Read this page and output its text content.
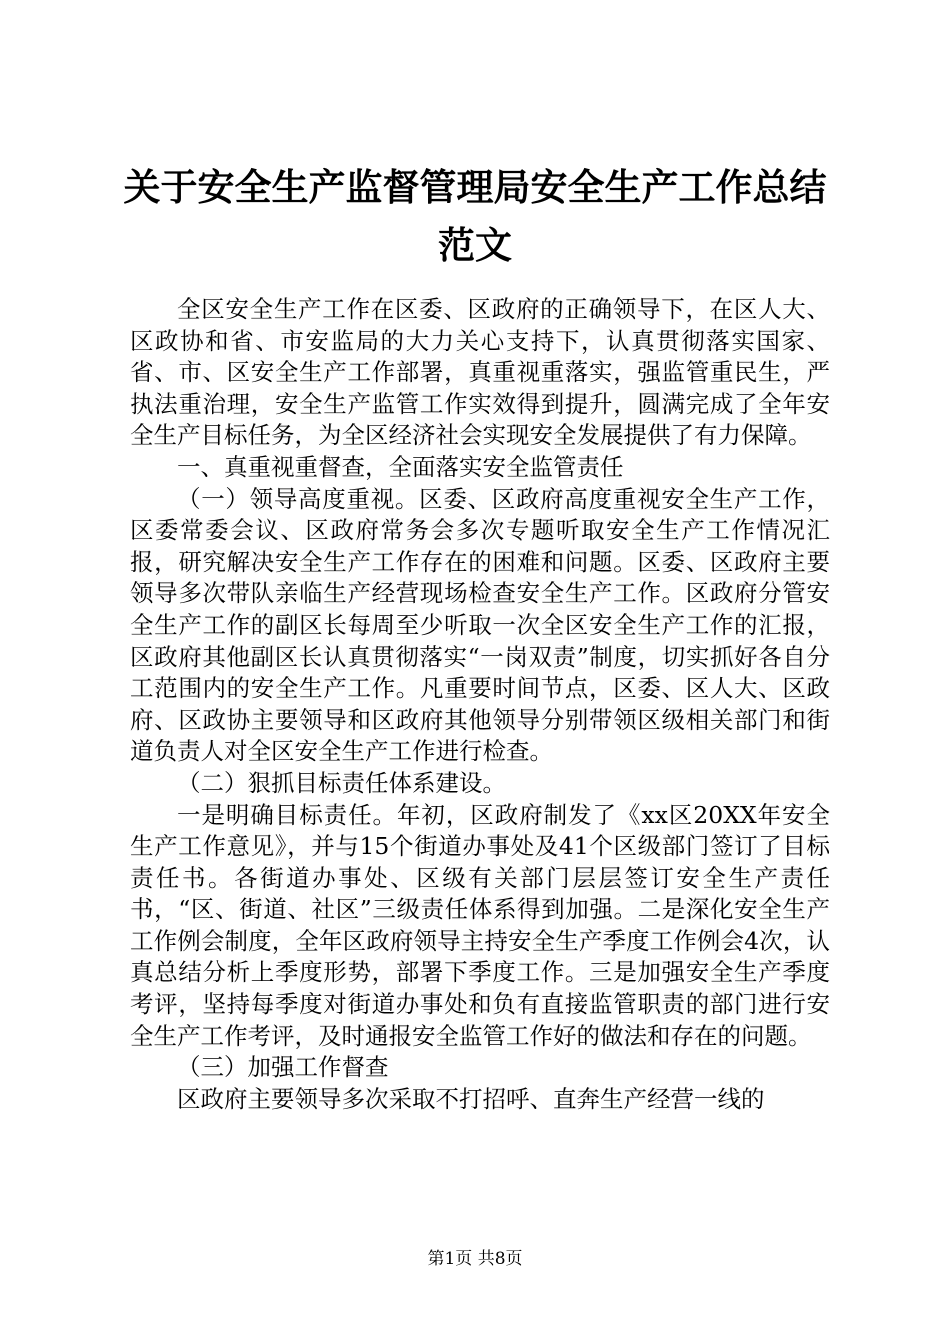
关于安全生产监督管理局安全生产工作总结范文

全区安全生产工作在区委、区政府的正确领导下，在区人大、区政协和省、市安监局的大力关心支持下，认真贯彻落实国家、省、市、区安全生产工作部署，真重视重落实，强监管重民生，严执法重治理，安全生产监管工作实效得到提升，圆满完成了全年安全生产目标任务，为全区经济社会实现安全发展提供了有力保障。

一、真重视重督查，全面落实安全监管责任

（一）领导高度重视。区委、区政府高度重视安全生产工作，区委常委会议、区政府常务会多次专题听取安全生产工作情况汇报，研究解决安全生产工作存在的困难和问题。区委、区政府主要领导多次带队亲临生产经营现场检查安全生产工作。区政府分管安全生产工作的副区长每周至少听取一次全区安全生产工作的汇报，区政府其他副区长认真贯彻落实“一岗双责”制度，切实抓好各自分工范围内的安全生产工作。凡重要时间节点，区委、区人大、区政府、区政协主要领导和区政府其他领导分别带领区级相关部门和街道负责人对全区安全生产工作进行检查。

（二）狠抓目标责任体系建设。

一是明确目标责任。年初，区政府制发了《xx区20XX年安全生产工作意见》，并与15个街道办事处及41个区级部门签订了目标责任书。各街道办事处、区级有关部门层层签订安全生产责任书，“区、街道、社区”三级责任体系得到加强。二是深化安全生产工作例会制度，全年区政府领导主持安全生产季度工作例会4次，认真总结分析上季度形势，部署下季度工作。三是加强安全生产季度考评，坚持每季度对街道办事处和负有直接监管职责的部门进行安全生产工作考评，及时通报安全监管工作好的做法和存在的问题。

（三）加强工作督查

区政府主要领导多次采取不打招呼、直奔生产经营一线的

第1页 共8页
